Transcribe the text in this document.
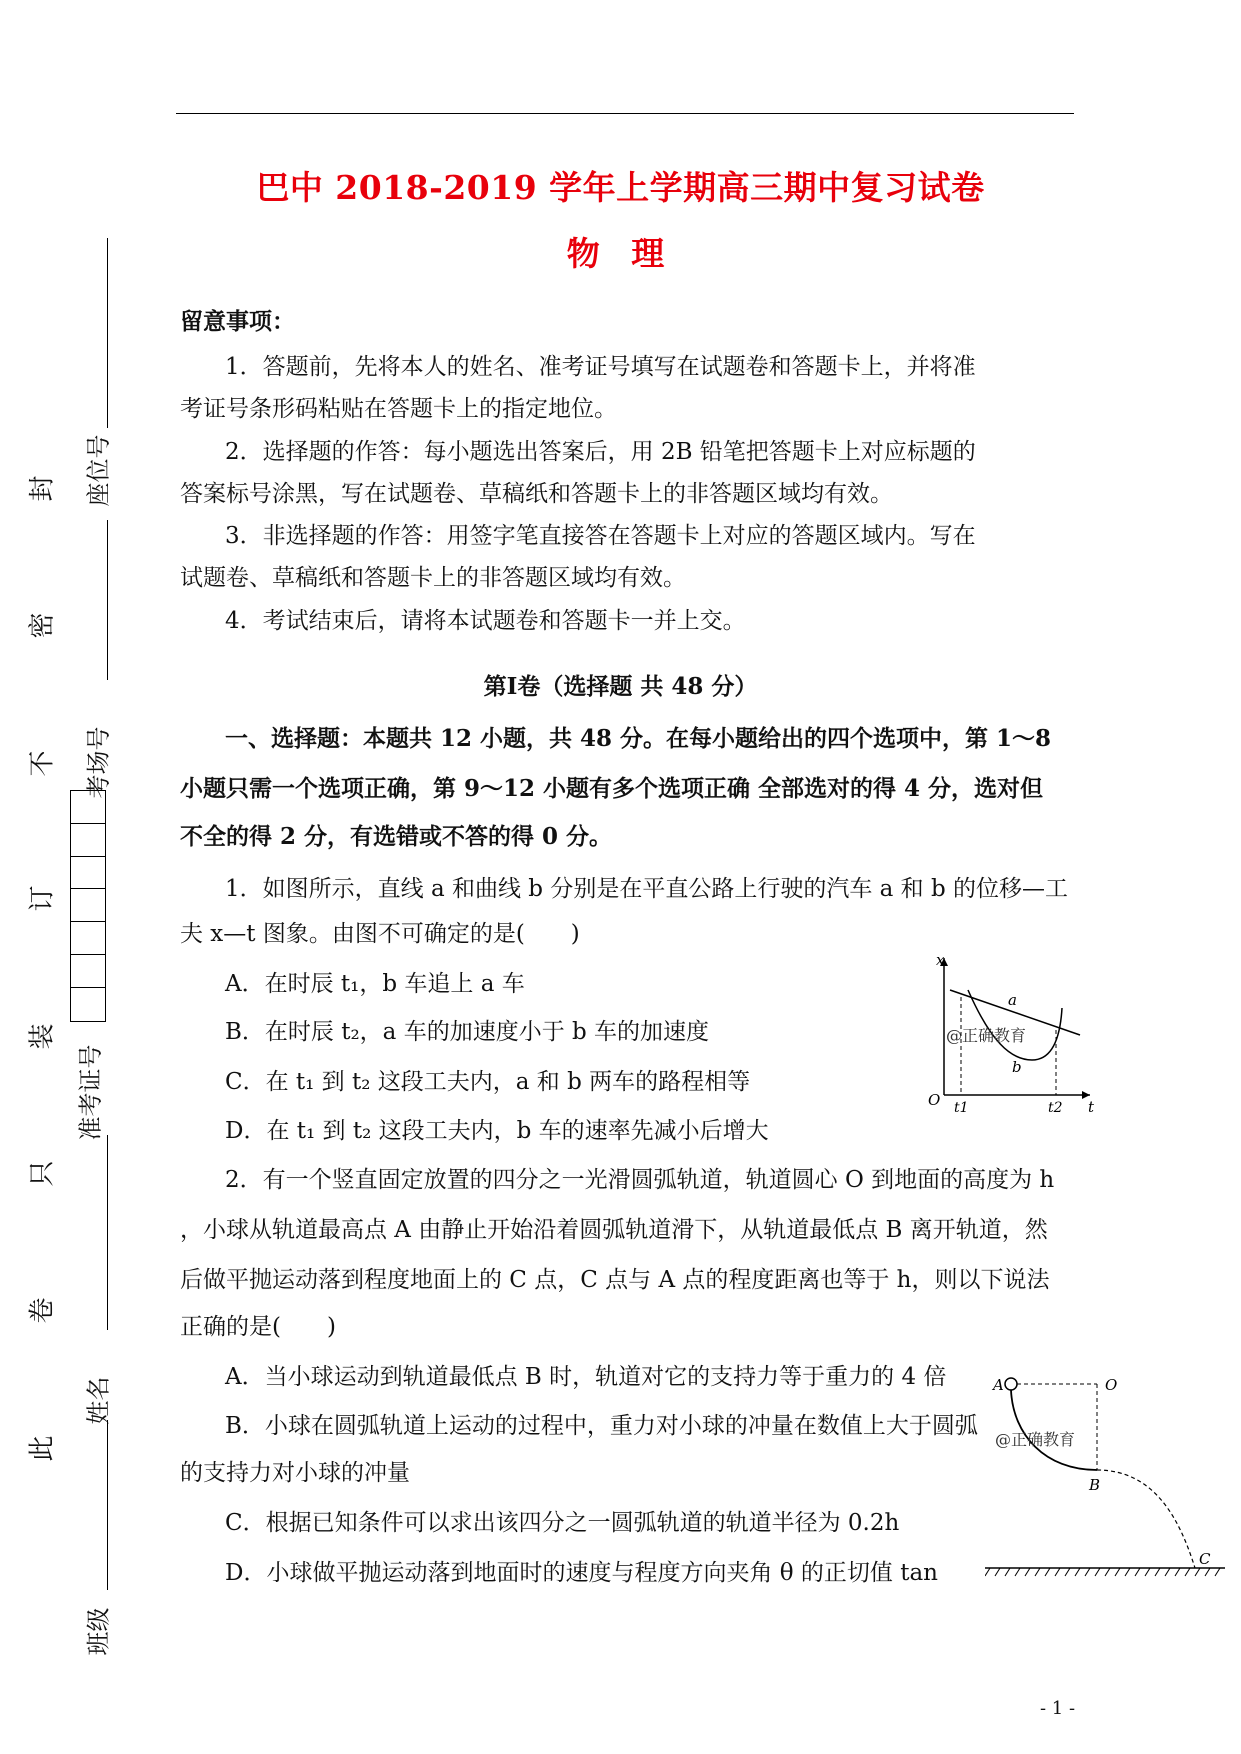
巴中 2018-2019 学年上学期高三期中复习试卷
物 理
留意事项：
1．答题前，先将本人的姓名、准考证号填写在试题卷和答题卡上，并将准
考证号条形码粘贴在答题卡上的指定地位。
2．选择题的作答：每小题选出答案后，用 2B 铅笔把答题卡上对应标题的
答案标号涂黑，写在试题卷、草稿纸和答题卡上的非答题区域均有效。
3．非选择题的作答：用签字笔直接答在答题卡上对应的答题区域内。写在
试题卷、草稿纸和答题卡上的非答题区域均有效。
4．考试结束后，请将本试题卷和答题卡一并上交。
第Ⅰ卷（选择题 共 48 分）
一、选择题：本题共 12 小题，共 48 分。在每小题给出的四个选项中，第 1～8
小题只需一个选项正确，第 9～12 小题有多个选项正确 全部选对的得 4 分，选对但
不全的得 2 分，有选错或不答的得 0 分。
1．如图所示，直线 a 和曲线 b 分别是在平直公路上行驶的汽车 a 和 b 的位移—工
夫 x—t 图象。由图不可确定的是(　　)
A．在时辰 t₁，b 车追上 a 车
B．在时辰 t₂，a 车的加速度小于 b 车的加速度
C．在 t₁ 到 t₂ 这段工夫内，a 和 b 两车的路程相等
D．在 t₁ 到 t₂ 这段工夫内，b 车的速率先减小后增大
x
t
O
a
b
t1	t2
@正确教育
2．有一个竖直固定放置的四分之一光滑圆弧轨道，轨道圆心 O 到地面的高度为 h
，小球从轨道最高点 A 由静止开始沿着圆弧轨道滑下，从轨道最低点 B 离开轨道，然
后做平抛运动落到程度地面上的 C 点，C 点与 A 点的程度距离也等于 h，则以下说法
正确的是(　　)
A．当小球运动到轨道最低点 B 时，轨道对它的支持力等于重力的 4 倍
B．小球在圆弧轨道上运动的过程中，重力对小球的冲量在数值上大于圆弧
的支持力对小球的冲量
C．根据已知条件可以求出该四分之一圆弧轨道的轨道半径为 0.2h
D．小球做平抛运动落到地面时的速度与程度方向夹角 θ 的正切值 tan
A	O
B
C
@正确教育
封
密
不
订
装
只
卷
此
班级
姓名
准考证号
考场号
座位号
- 1 -
